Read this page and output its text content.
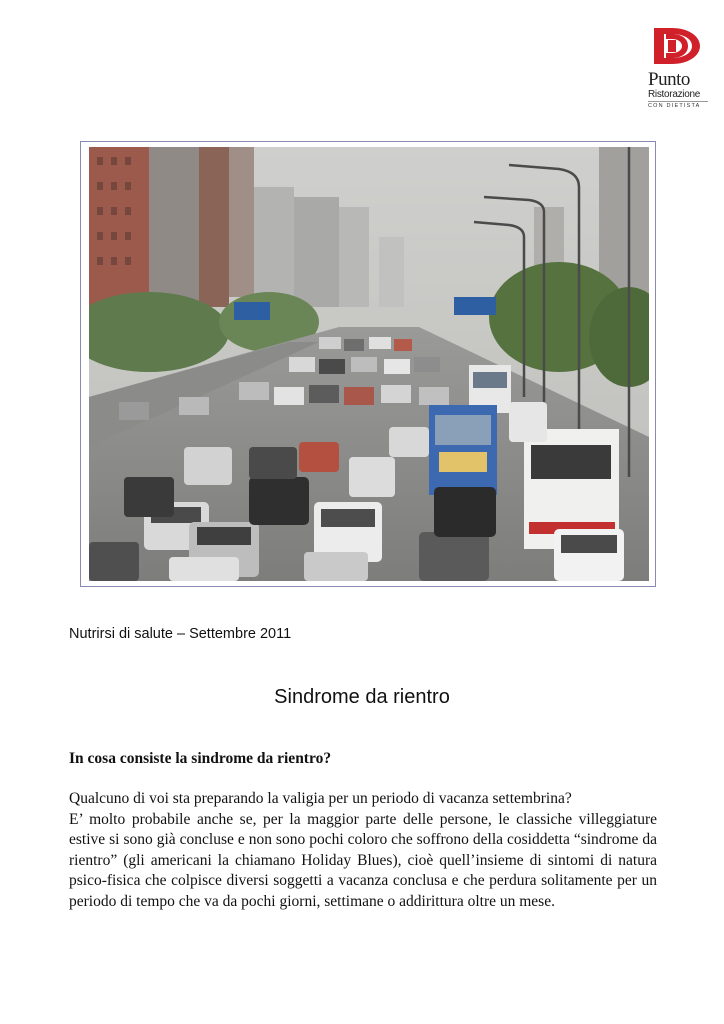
Punto
Ristorazione
CON DIETISTA
Nutrirsi di salute – Settembre 2011
Sindrome da rientro
In cosa consiste la sindrome da rientro?

Qualcuno di voi sta preparando la valigia per un periodo di vacanza settembrina?

E’ molto probabile anche se, per la maggior parte delle persone, le classiche villeggiature estive si sono già concluse e non sono pochi coloro che soffrono della cosiddetta “sindrome da rientro” (gli americani la chiamano Holiday Blues), cioè quell’insieme di sintomi di natura psico-fisica che colpisce diversi soggetti a vacanza conclusa e che perdura solitamente per un periodo di tempo che va da pochi giorni, settimane o addirittura oltre un mese.
